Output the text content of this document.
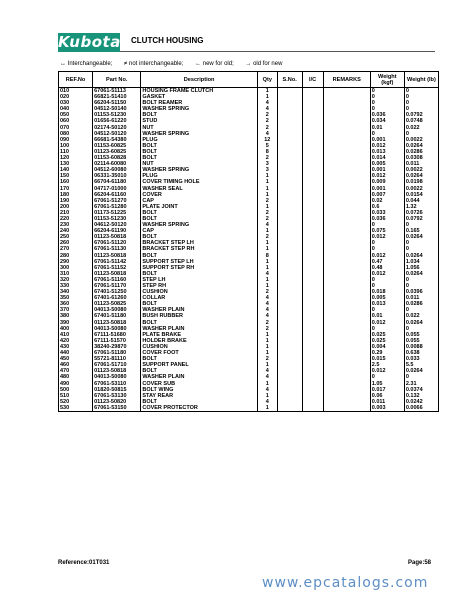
Kubota CLUTCH HOUSING
↔ Interchangeable; ≠ not interchangeable; ← new for old; → old for new
REF.No	Part No.	Description	Qty	S.No.	I/C	REMARKS	Weight (kgf)	Weight (lb)
010	67061-51113	HOUSING FRAME CLUTCH	1				0	0
020	66821-51410	GASKET	1				0	0
030	66204-51150	BOLT REAMER	4				0	0
040	04512-50140	WASHER SPRING	4				0	0
050	01153-51230	BOLT	2				0.036	0.0792
060	01656-61220	STUD	2				0.034	0.0748
070	02174-50120	NUT	2				0.01	0.022
080	04512-50120	WASHER SPRING	4				0	0
090	66681-54380	PLUG	12				0.001	0.0022
100	01153-60825	BOLT	5				0.012	0.0264
110	01123-60825	BOLT	8				0.013	0.0286
120	01153-60828	BOLT	2				0.014	0.0308
130	02114-60080	NUT	3				0.005	0.011
140	04512-60080	WASHER SPRING	3				0.001	0.0022
150	06331-35010	PLUG	1				0.012	0.0264
160	66704-61180	COVER TIMING HOLE	1				0.009	0.0198
170	04717-01000	WASHER SEAL	1				0.001	0.0022
180	66204-61160	COVER	1				0.007	0.0154
190	67061-51270	CAP	2				0.02	0.044
200	67061-51280	PLATE JOINT	1				0.6	1.32
210	01173-51225	BOLT	2				0.033	0.0726
220	01153-51230	BOLT	2				0.036	0.0792
230	04612-50120	WASHER SPRING	4				0	0
240	66204-61190	CAP	1				0.075	0.165
250	01123-50818	BOLT	2				0.012	0.0264
260	67061-51120	BRACKET STEP LH	1				0	0
270	67061-51130	BRACKET STEP RH	1				0	0
280	01123-50818	BOLT	8				0.012	0.0264
290	67061-51142	SUPPORT STEP LH	1				0.47	1.034
300	67061-51152	SUPPORT STEP RH	1				0.48	1.056
310	01123-50818	BOLT	4				0.012	0.0264
320	67061-51160	STEP LH	1				0	0
330	67061-51170	STEP RH	1				0	0
340	67401-51250	CUSHION	2				0.018	0.0396
350	67401-61260	COLLAR	4				0.005	0.011
360	01123-50825	BOLT	4				0.013	0.0286
370	04013-50080	WASHER PLAIN	4				0	0
380	67401-51180	BUSH RUBBER	4				0.01	0.022
390	01123-50818	BOLT	2				0.012	0.0264
400	04013-50080	WASHER PLAIN	2				0	0
410	67111-51680	PLATE BRAKE	1				0.025	0.055
420	67111-51570	HOLDER BRAKE	1				0.025	0.055
430	38240-29870	CUSHION	1				0.004	0.0088
440	67061-51180	COVER FOOT	1				0.29	0.638
450	55721-81110	BOLT	2				0.015	0.033
460	67061-51710	SUPPORT PANEL	1				2.5	5.5
470	01123-50818	BOLT	4				0.012	0.0264
480	04013-50080	WASHER PLAIN	4				0	0
490	67061-53110	COVER SUB	1				1.05	2.31
500	01820-50815	BOLT WING	4				0.017	0.0374
510	67061-53130	STAY REAR	1				0.06	0.132
520	01123-50820	BOLT	4				0.011	0.0242
530	67061-53150	COVER PROTECTOR	1				0.003	0.0066
Reference:01T031	Page:58
www.epcatalogs.com
